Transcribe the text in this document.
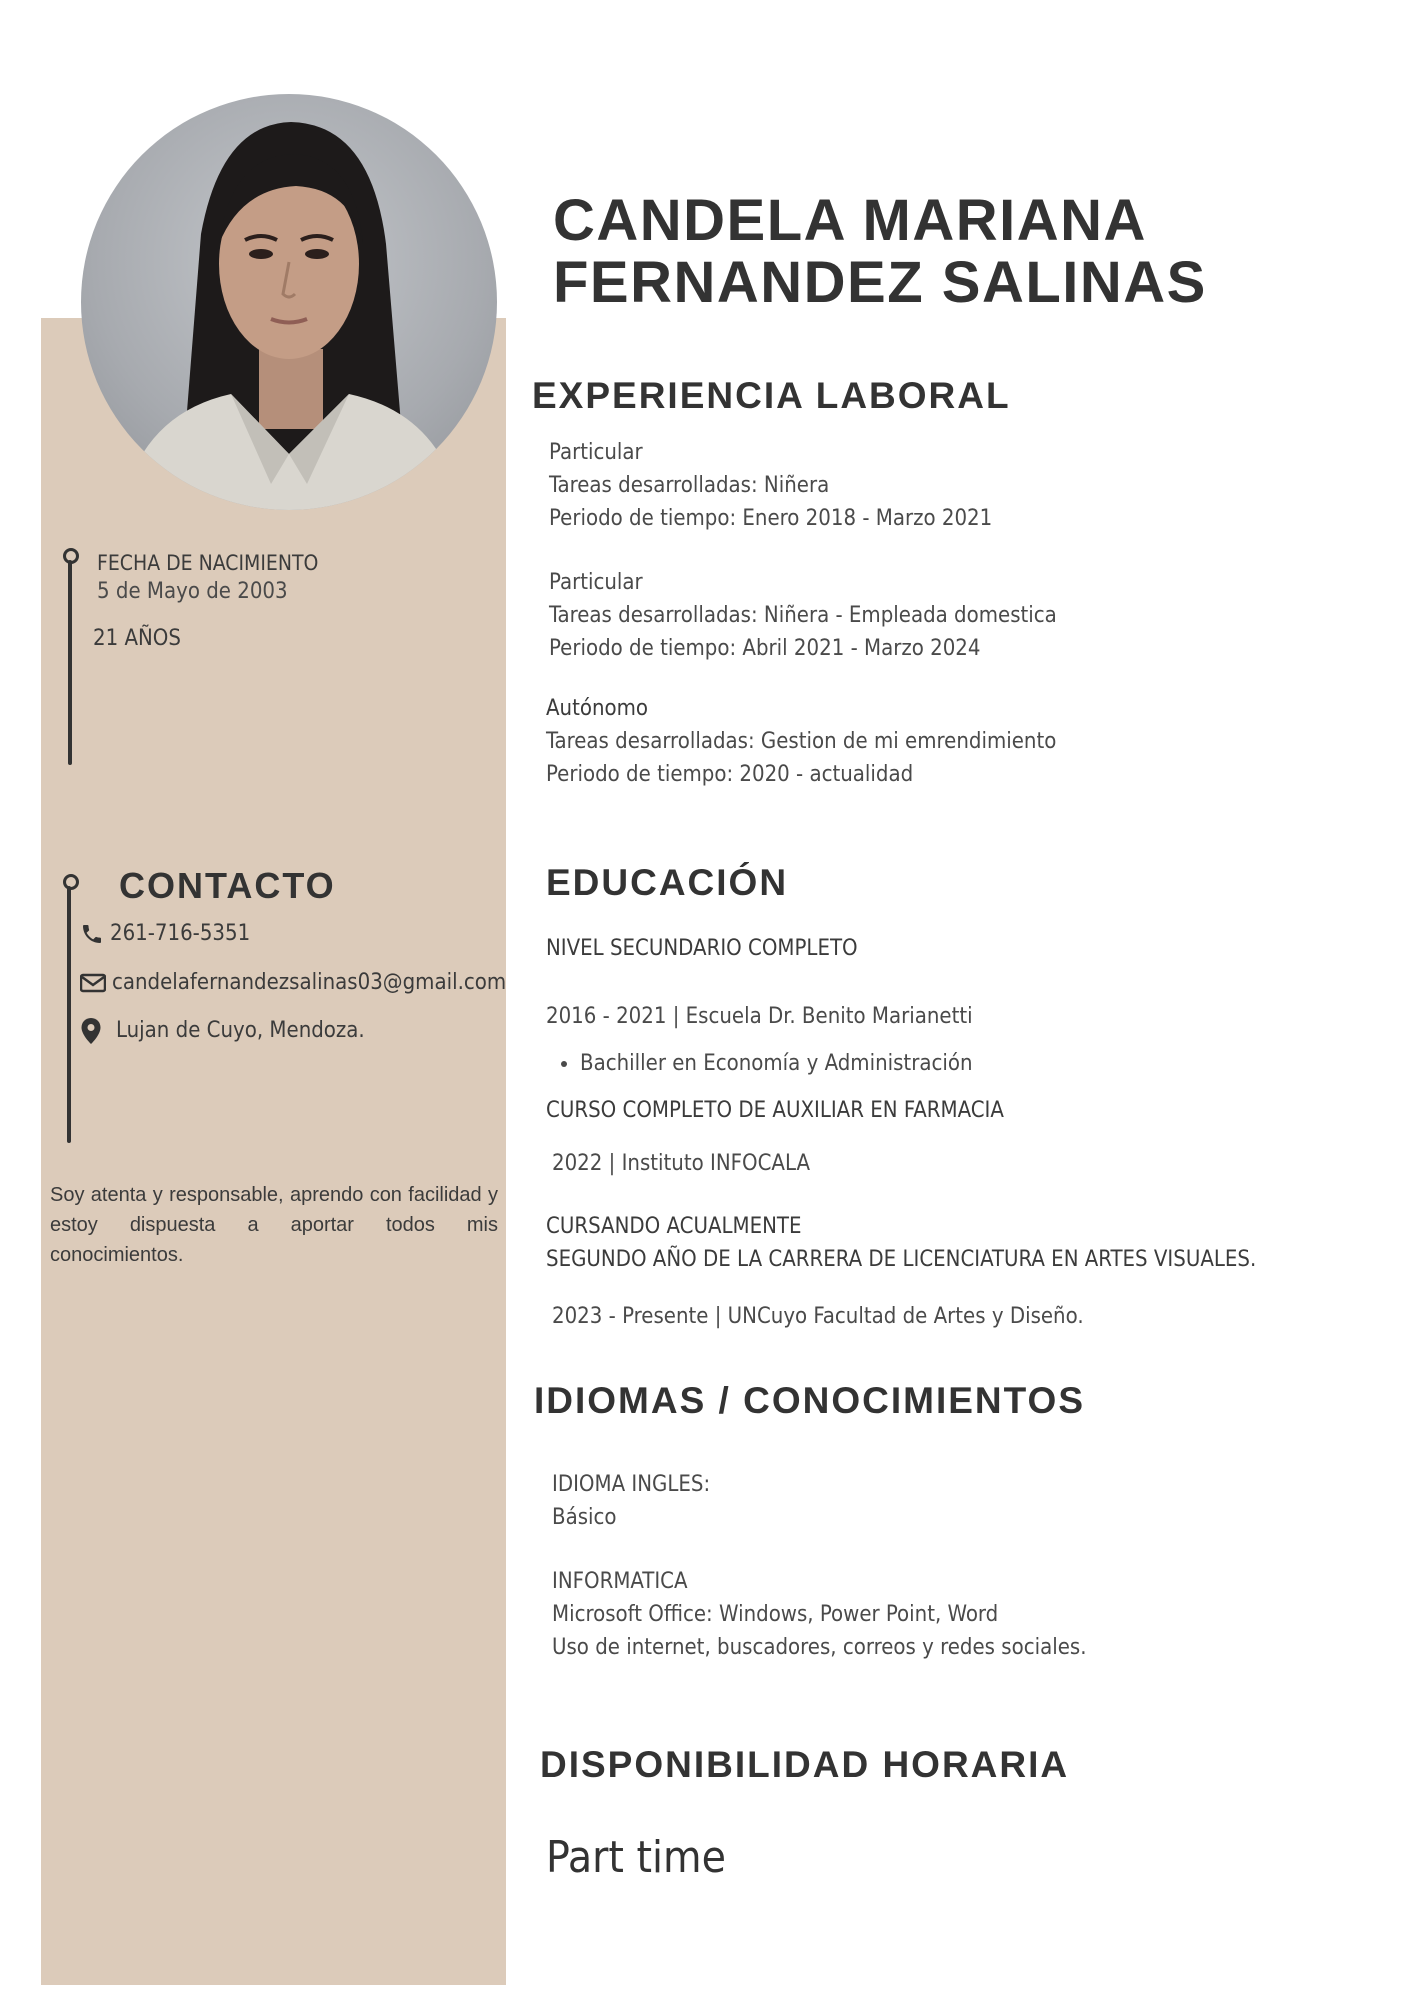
CANDELA MARIANA
FERNANDEZ SALINAS

FECHA DE NACIMIENTO

5 de Mayo de 2003

21 AÑOS

CONTACTO
261-716-5351
candelafernandezsalinas03@gmail.com
Lujan de Cuyo, Mendoza.

Soy atenta y responsable, aprendo con facilidad y estoy dispuesta a aportar todos mis conocimientos.

EXPERIENCIA LABORAL

Particular

Tareas desarrolladas: Niñera

Periodo de tiempo: Enero 2018 - Marzo 2021

Particular

Tareas desarrolladas: Niñera - Empleada domestica

Periodo de tiempo: Abril 2021 - Marzo 2024

Autónomo

Tareas desarrolladas: Gestion de mi emrendimiento

Periodo de tiempo: 2020 - actualidad

EDUCACIÓN

NIVEL SECUNDARIO COMPLETO

2016 - 2021 | Escuela Dr. Benito Marianetti

• Bachiller en Economía y Administración

CURSO COMPLETO DE AUXILIAR EN FARMACIA

2022 | Instituto INFOCALA

CURSANDO ACUALMENTE

SEGUNDO AÑO DE LA CARRERA DE LICENCIATURA EN ARTES VISUALES.

2023 - Presente | UNCuyo Facultad de Artes y Diseño.

IDIOMAS / CONOCIMIENTOS

IDIOMA INGLES:

Básico

INFORMATICA

Microsoft Office: Windows, Power Point, Word

Uso de internet, buscadores, correos y redes sociales.

DISPONIBILIDAD HORARIA

Part time
